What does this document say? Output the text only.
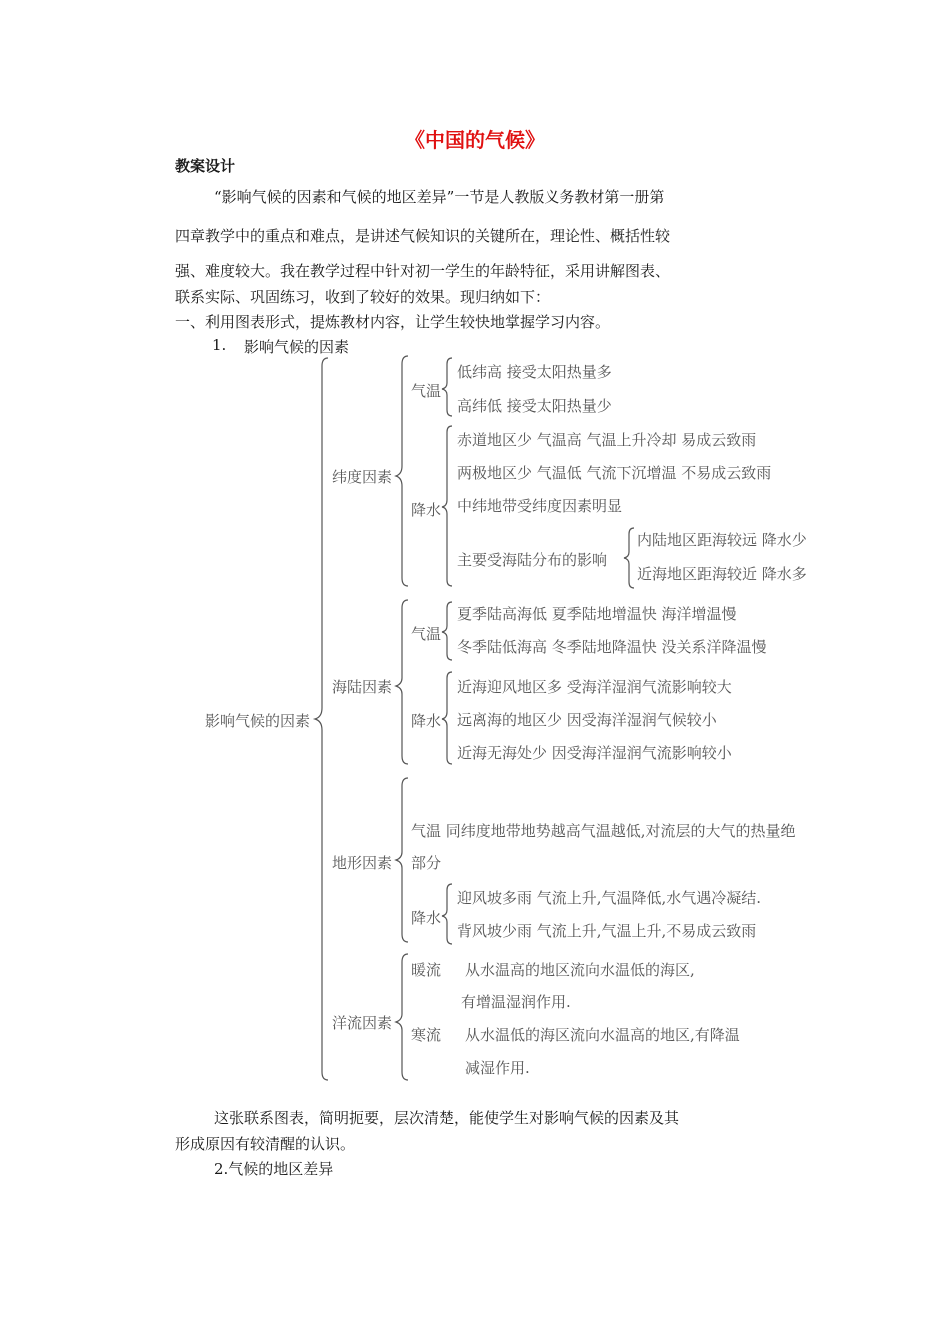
《中国的气候》
教案设计
“影响气候的因素和气候的地区差异”一节是人教版义务教材第一册第
四章教学中的重点和难点，是讲述气候知识的关键所在，理论性、概括性较
强、难度较大。我在教学过程中针对初一学生的年龄特征，采用讲解图表、
联系实际、巩固练习，收到了较好的效果。现归纳如下：
一、利用图表形式，提炼教材内容，让学生较快地掌握学习内容。
1. 影响气候的因素
影响气候的因素
纬度因素
气温
低纬高 接受太阳热量多
高纬低 接受太阳热量少
降水
赤道地区少 气温高 气温上升冷却 易成云致雨
两极地区少 气温低 气流下沉增温 不易成云致雨
中纬地带受纬度因素明显
主要受海陆分布的影响
内陆地区距海较远 降水少
近海地区距海较近 降水多
海陆因素
气温
夏季陆高海低 夏季陆地增温快 海洋增温慢
冬季陆低海高 冬季陆地降温快 没关系洋降温慢
降水
近海迎风地区多 受海洋湿润气流影响较大
远离海的地区少 因受海洋湿润气候较小
近海无海处少 因受海洋湿润气流影响较小
地形因素
气温 同纬度地带地势越高气温越低,对流层的大气的热量绝
部分
降水
迎风坡多雨 气流上升,气温降低,水气遇冷凝结.
背风坡少雨 气流上升,气温上升,不易成云致雨
洋流因素
暖流 从水温高的地区流向水温低的海区,
有增温湿润作用.
寒流 从水温低的海区流向水温高的地区,有降温
减湿作用.
这张联系图表，简明扼要，层次清楚，能使学生对影响气候的因素及其
形成原因有较清醒的认识。
2.气候的地区差异
